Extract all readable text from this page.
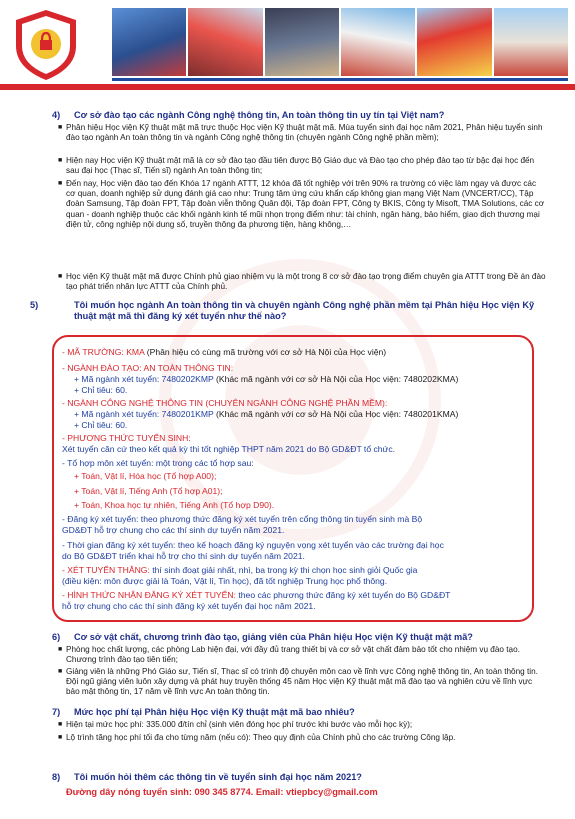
4) Cơ sở đào tạo các ngành Công nghệ thông tin, An toàn thông tin uy tín tại Việt nam?
■ Phân hiệu Học viện Kỹ thuật mật mã trực thuộc Học viện Kỹ thuật mật mã. Mùa tuyển sinh đại học năm 2021, Phân hiệu tuyển sinh đào tạo ngành An toàn thông tin và ngành Công nghệ thông tin (chuyên ngành Công nghệ phần mềm);
■ Hiện nay Học viện Kỹ thuật mật mã là cơ sở đào tạo đầu tiên được Bộ Giáo dục và Đào tạo cho phép đào tạo từ bậc đại học đến sau đại học (Thạc sĩ, Tiến sĩ) ngành An toàn thông tin;
■ Đến nay, Học viện đào tạo đến Khóa 17 ngành ATTT, 12 khóa đã tốt nghiệp với trên 90% ra trường có việc làm ngay và được các cơ quan, doanh nghiệp sử dụng đánh giá cao như: Trung tâm ứng cứu khẩn cấp không gian mạng Việt Nam (VNCERT/CC), Tập đoàn Samsung, Tập đoàn FPT, Tập đoàn viễn thông Quân đội, Tập đoàn FPT, Công ty BKIS, Công ty Misoft, TMA Solutions, các cơ quan - doanh nghiệp thuộc các khối ngành kinh tế mũi nhọn trọng điểm như: tài chính, ngân hàng, bảo hiểm, giao dịch thương mại điện tử, công nghiệp nội dung số, truyền thông đa phương tiện, hàng không,…
■ Học viện Kỹ thuật mật mã được Chính phủ giao nhiệm vụ là một trong 8 cơ sở đào tạo trọng điểm chuyên gia ATTT trong Đề án đào tạo phát triển nhân lực ATTT của Chính phủ.
5)	Tôi muốn học ngành An toàn thông tin và chuyên ngành Công nghệ phần mềm tại Phân hiệu Học viện Kỹ thuật mật mã thì đăng ký xét tuyển như thế nào?
- MÃ TRƯỜNG: KMA (Phân hiệu có cùng mã trường với cơ sở Hà Nội của Học viện)
- NGÀNH ĐÀO TẠO: AN TOÀN THÔNG TIN:
+ Mã ngành xét tuyển: 7480202KMP (Khác mã ngành với cơ sở Hà Nội của Học viện: 7480202KMA)
+ Chỉ tiêu: 60.
- NGÀNH CÔNG NGHỆ THÔNG TIN (CHUYÊN NGÀNH CÔNG NGHỆ PHẦN MỀM):
+ Mã ngành xét tuyển: 7480201KMP (Khác mã ngành với cơ sở Hà Nội của Học viện: 7480201KMA)
+ Chỉ tiêu: 60.
- PHƯƠNG THỨC TUYỂN SINH:
Xét tuyển căn cứ theo kết quả kỳ thi tốt nghiệp THPT năm 2021 do Bộ GD&ĐT tổ chức.
- Tổ hợp môn xét tuyển: một trong các tổ hợp sau:
+ Toán, Vật lí, Hóa học (Tổ hợp A00);
+ Toán, Vật lí, Tiếng Anh (Tổ hợp A01);
+ Toán, Khoa học tự nhiên, Tiếng Anh (Tổ hợp D90).
- Đăng ký xét tuyển: theo phương thức đăng ký xét tuyển trên cổng thông tin tuyển sinh mà Bộ
GD&ĐT hỗ trợ chung cho các thí sinh dự tuyển năm 2021.
- Thời gian đăng ký xét tuyển: theo kế hoạch đăng ký nguyện vọng xét tuyển vào các trường đại học
do Bộ GD&ĐT triển khai hỗ trợ cho thí sinh dự tuyển năm 2021.
- XÉT TUYỂN THẲNG: thí sinh đoạt giải nhất, nhì, ba trong kỳ thi chọn học sinh giỏi Quốc gia
(điều kiện: môn được giải là Toán, Vật lí, Tin học), đã tốt nghiệp Trung học phổ thông.
- HÌNH THỨC NHẬN ĐĂNG KÝ XÉT TUYỂN: theo các phương thức đăng ký xét tuyển do Bộ GD&ĐT
hỗ trợ chung cho các thí sinh đăng ký xét tuyển đại học năm 2021.
6) Cơ sở vật chất, chương trình đào tạo, giảng viên của Phân hiệu Học viện Kỹ thuật mật mã?
■ Phòng học chất lượng, các phòng Lab hiện đại, với đầy đủ trang thiết bị và cơ sở vật chất đảm bảo tốt cho nhiệm vụ đào tạo. Chương trình đào tạo tiên tiến;
■ Giảng viên là những Phó Giáo sư, Tiến sĩ, Thạc sĩ có trình độ chuyên môn cao về lĩnh vực Công nghệ thông tin, An toàn thông tin. Đội ngũ giảng viên luôn xây dựng và phát huy truyền thống 45 năm Học viện Kỹ thuật mật mã đào tạo và nghiên cứu về lĩnh vực bảo mật thông tin, 17 năm về lĩnh vực An toàn thông tin.
7) Mức học phí tại Phân hiệu Học viện Kỹ thuật mật mã bao nhiêu?
■ Hiện tại mức học phí: 335.000 đ/tín chỉ (sinh viên đóng học phí trước khi bước vào mỗi học kỳ);
■ Lộ trình tăng học phí tối đa cho từng năm (nếu có): Theo quy định của Chính phủ cho các trường Công lập.
8) Tôi muốn hỏi thêm các thông tin về tuyển sinh đại học năm 2021?
Đường dây nóng tuyển sinh: 090 345 8774. Email: vtiepbcy@gmail.com
